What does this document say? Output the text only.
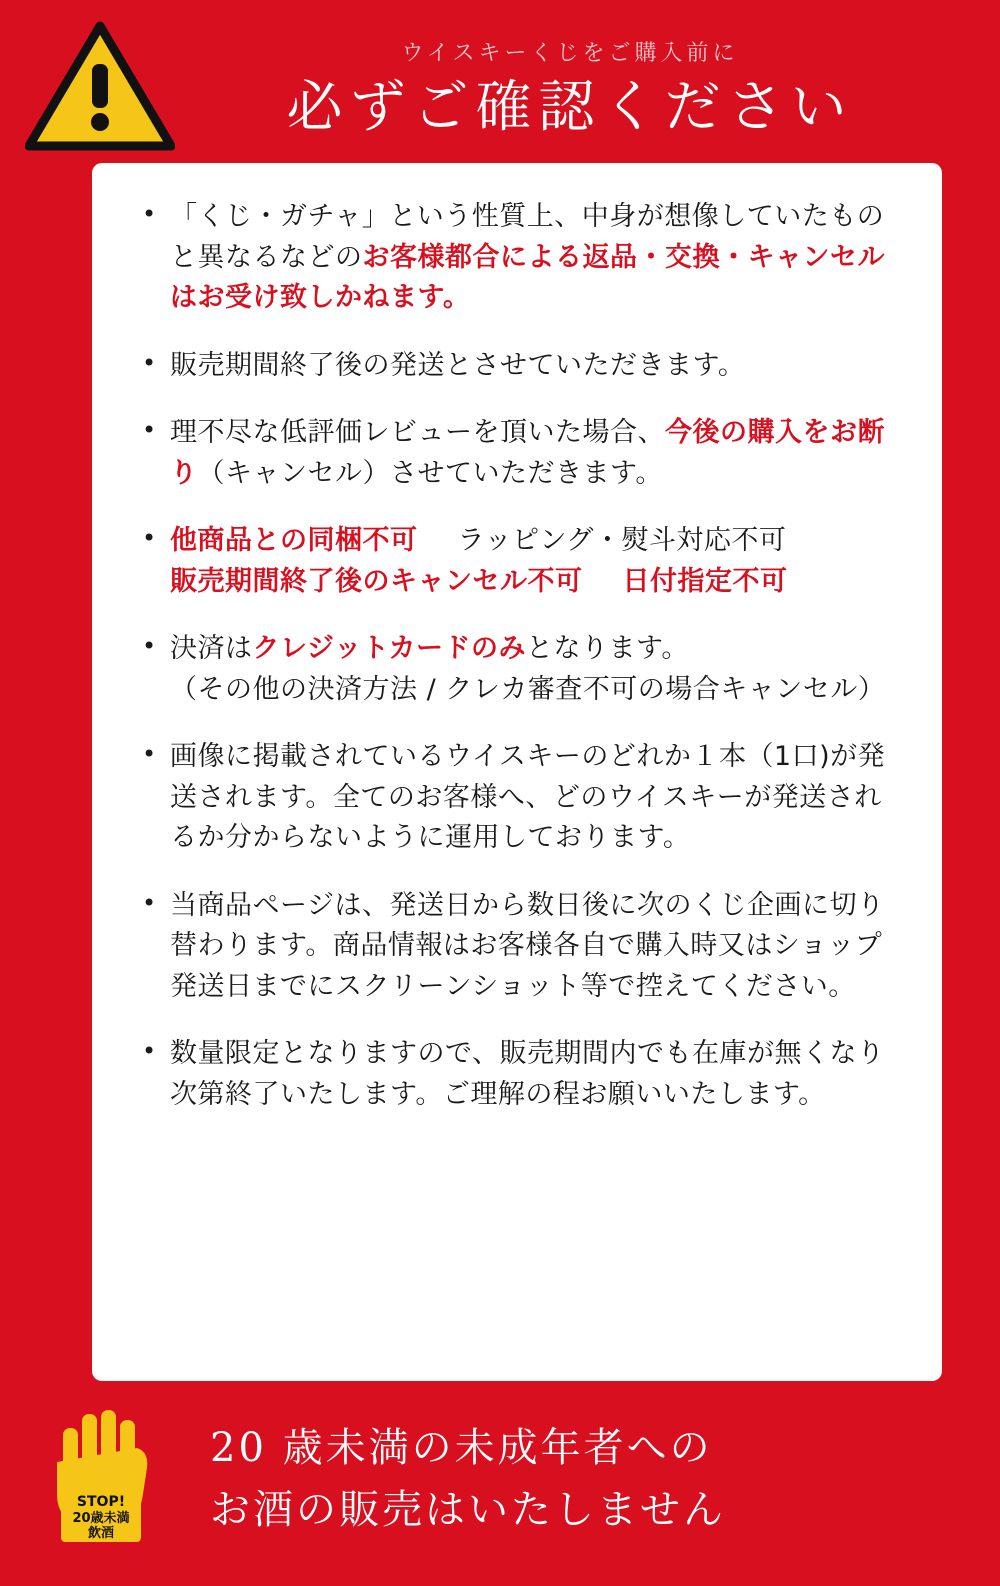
ウイスキーくじをご購入前に
必ずご確認ください
• 「くじ・ガチャ」という性質上、中身が想像していたものと異なるなどのお客様都合による返品・交換・キャンセルはお受け致しかねます。
• 販売期間終了後の発送とさせていただきます。
• 理不尽な低評価レビューを頂いた場合、今後の購入をお断り（キャンセル）させていただきます。
• 他商品との同梱不可 ラッピング・熨斗対応不可
販売期間終了後のキャンセル不可 日付指定不可
• 決済はクレジットカードのみとなります。
（その他の決済方法 / クレカ審査不可の場合キャンセル）
• 画像に掲載されているウイスキーのどれか１本（1口)が発送されます。全てのお客様へ、どのウイスキーが発送されるか分からないように運用しております。
• 当商品ページは、発送日から数日後に次のくじ企画に切り替わります。商品情報はお客様各自で購入時又はショップ発送日までにスクリーンショット等で控えてください。
• 数量限定となりますので、販売期間内でも在庫が無くなり次第終了いたします。ご理解の程お願いいたします。
STOP!
20歳未満
飲酒
20 歳未満の未成年者への
お酒の販売はいたしません
